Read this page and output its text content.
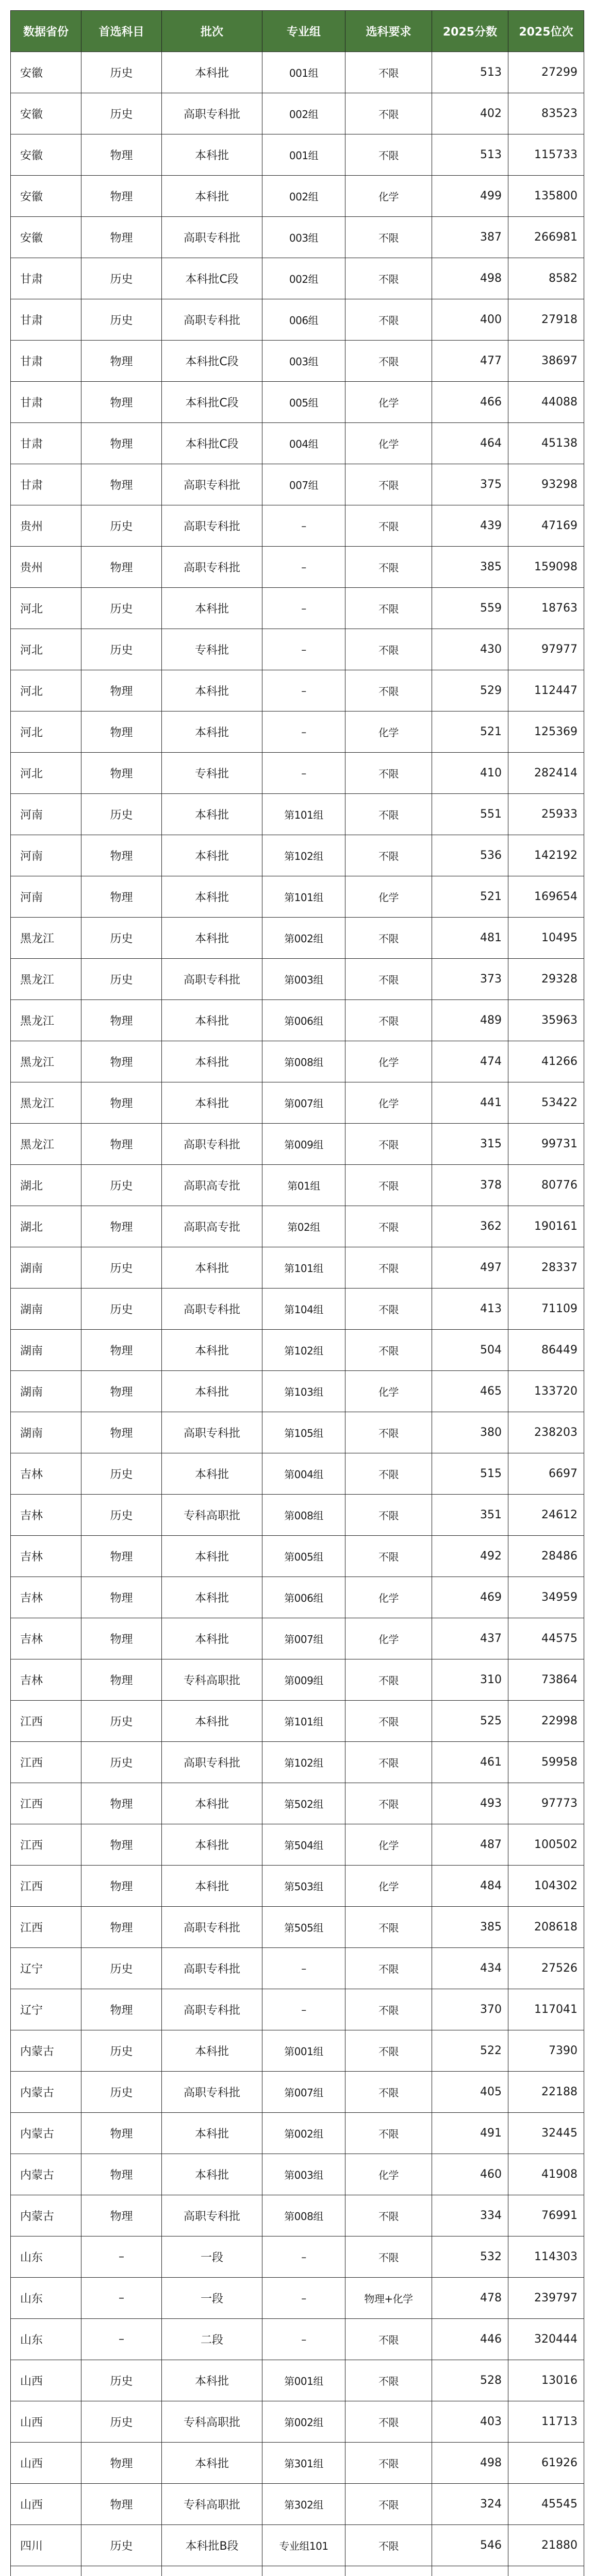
数据省份	首选科目	批次	专业组	选科要求	2025分数	2025位次
安徽	历史	本科批	001组	不限	513	27299
安徽	历史	高职专科批	002组	不限	402	83523
安徽	物理	本科批	001组	不限	513	115733
安徽	物理	本科批	002组	化学	499	135800
安徽	物理	高职专科批	003组	不限	387	266981
甘肃	历史	本科批C段	002组	不限	498	8582
甘肃	历史	高职专科批	006组	不限	400	27918
甘肃	物理	本科批C段	003组	不限	477	38697
甘肃	物理	本科批C段	005组	化学	466	44088
甘肃	物理	本科批C段	004组	化学	464	45138
甘肃	物理	高职专科批	007组	不限	375	93298
贵州	历史	高职专科批	–	不限	439	47169
贵州	物理	高职专科批	–	不限	385	159098
河北	历史	本科批	–	不限	559	18763
河北	历史	专科批	–	不限	430	97977
河北	物理	本科批	–	不限	529	112447
河北	物理	本科批	–	化学	521	125369
河北	物理	专科批	–	不限	410	282414
河南	历史	本科批	第101组	不限	551	25933
河南	物理	本科批	第102组	不限	536	142192
河南	物理	本科批	第101组	化学	521	169654
黑龙江	历史	本科批	第002组	不限	481	10495
黑龙江	历史	高职专科批	第003组	不限	373	29328
黑龙江	物理	本科批	第006组	不限	489	35963
黑龙江	物理	本科批	第008组	化学	474	41266
黑龙江	物理	本科批	第007组	化学	441	53422
黑龙江	物理	高职专科批	第009组	不限	315	99731
湖北	历史	高职高专批	第01组	不限	378	80776
湖北	物理	高职高专批	第02组	不限	362	190161
湖南	历史	本科批	第101组	不限	497	28337
湖南	历史	高职专科批	第104组	不限	413	71109
湖南	物理	本科批	第102组	不限	504	86449
湖南	物理	本科批	第103组	化学	465	133720
湖南	物理	高职专科批	第105组	不限	380	238203
吉林	历史	本科批	第004组	不限	515	6697
吉林	历史	专科高职批	第008组	不限	351	24612
吉林	物理	本科批	第005组	不限	492	28486
吉林	物理	本科批	第006组	化学	469	34959
吉林	物理	本科批	第007组	化学	437	44575
吉林	物理	专科高职批	第009组	不限	310	73864
江西	历史	本科批	第101组	不限	525	22998
江西	历史	高职专科批	第102组	不限	461	59958
江西	物理	本科批	第502组	不限	493	97773
江西	物理	本科批	第504组	化学	487	100502
江西	物理	本科批	第503组	化学	484	104302
江西	物理	高职专科批	第505组	不限	385	208618
辽宁	历史	高职专科批	–	不限	434	27526
辽宁	物理	高职专科批	–	不限	370	117041
内蒙古	历史	本科批	第001组	不限	522	7390
内蒙古	历史	高职专科批	第007组	不限	405	22188
内蒙古	物理	本科批	第002组	不限	491	32445
内蒙古	物理	本科批	第003组	化学	460	41908
内蒙古	物理	高职专科批	第008组	不限	334	76991
山东	–	一段	–	不限	532	114303
山东	–	一段	–	物理+化学	478	239797
山东	–	二段	–	不限	446	320444
山西	历史	本科批	第001组	不限	528	13016
山西	历史	专科高职批	第002组	不限	403	11713
山西	物理	本科批	第301组	不限	498	61926
山西	物理	专科高职批	第302组	不限	324	45545
四川	历史	本科批B段	专业组101	不限	546	21880
